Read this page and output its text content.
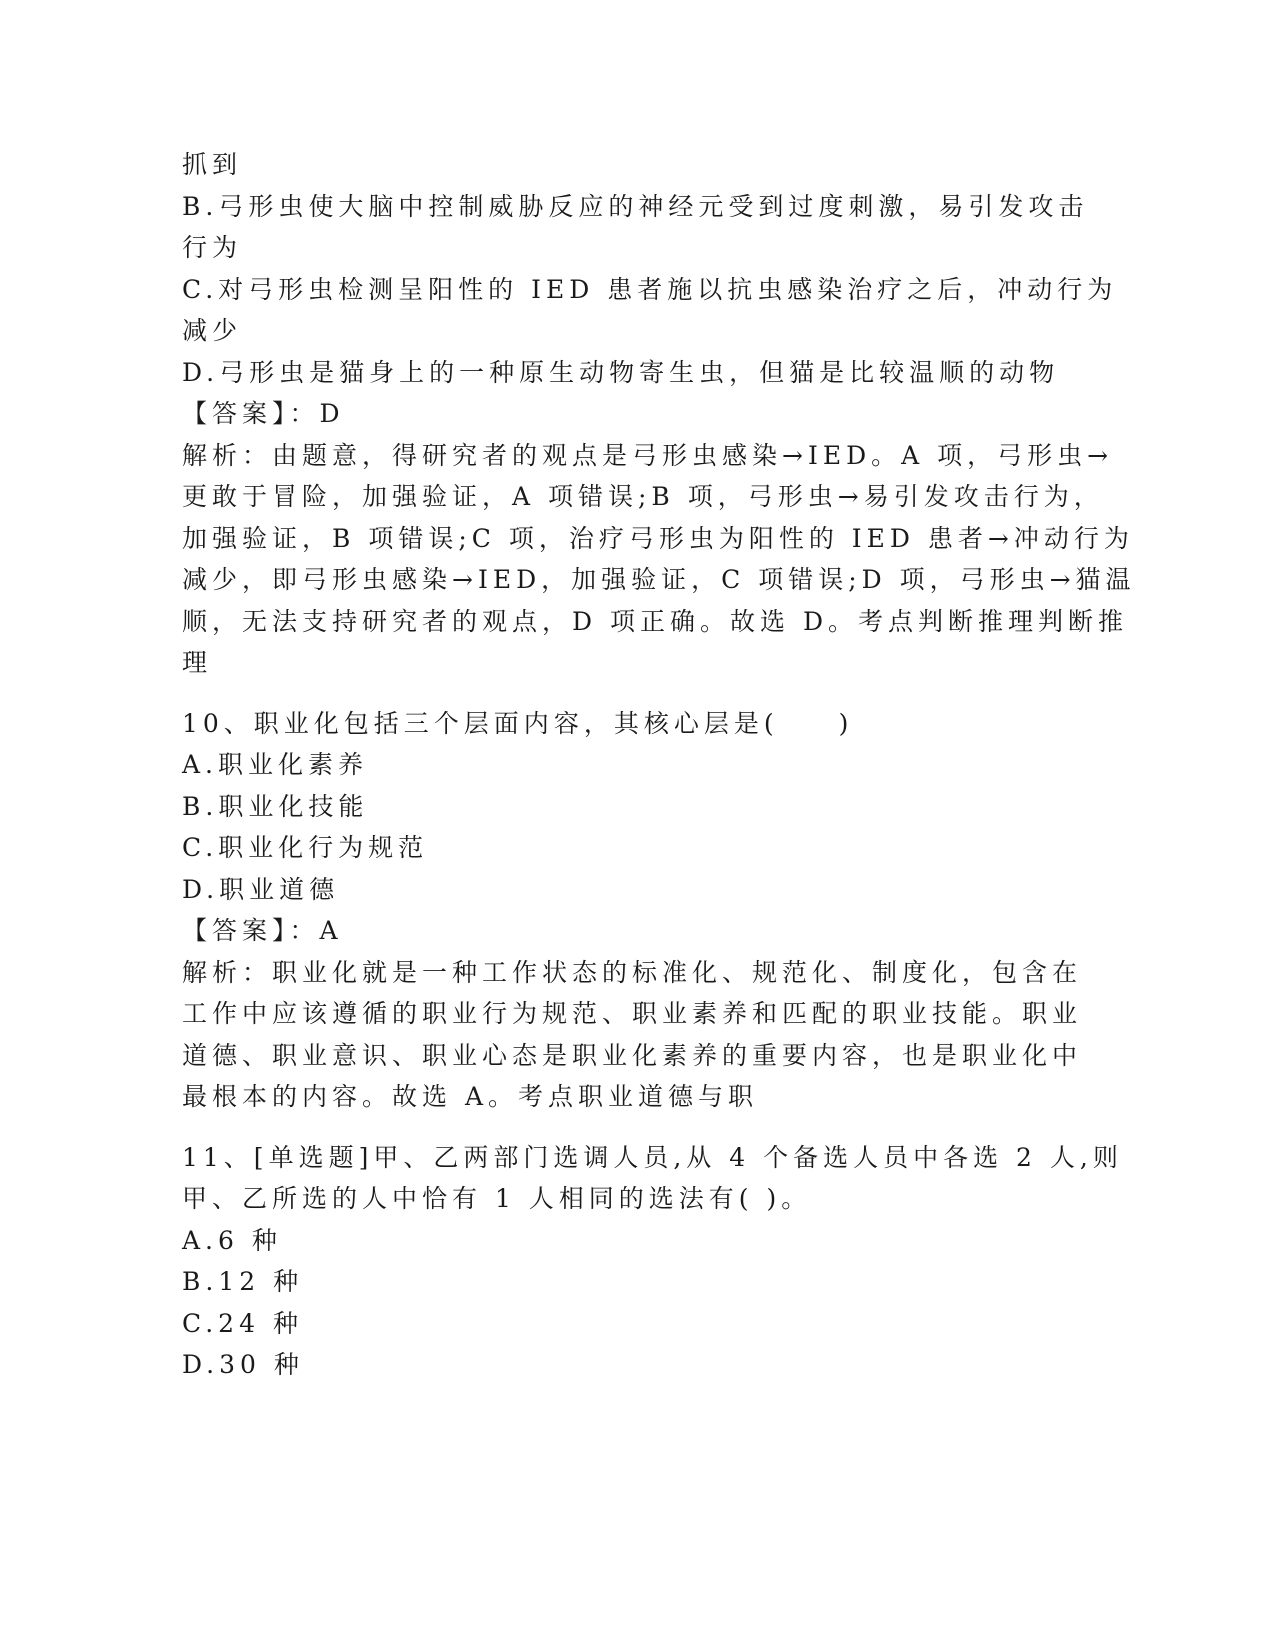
抓到

B.弓形虫使大脑中控制威胁反应的神经元受到过度刺激，易引发攻击

行为

C.对弓形虫检测呈阳性的 IED 患者施以抗虫感染治疗之后，冲动行为

减少

D.弓形虫是猫身上的一种原生动物寄生虫，但猫是比较温顺的动物

【答案】：D

解析：由题意，得研究者的观点是弓形虫感染→IED。A 项，弓形虫→

更敢于冒险，加强验证，A 项错误;B 项，弓形虫→易引发攻击行为，

加强验证，B 项错误;C 项，治疗弓形虫为阳性的 IED 患者→冲动行为

减少，即弓形虫感染→IED，加强验证，C 项错误;D 项，弓形虫→猫温

顺，无法支持研究者的观点，D 项正确。故选 D。考点判断推理判断推

理

10、职业化包括三个层面内容，其核心层是(　　)

A.职业化素养

B.职业化技能

C.职业化行为规范

D.职业道德

【答案】：A

解析：职业化就是一种工作状态的标准化、规范化、制度化，包含在

工作中应该遵循的职业行为规范、职业素养和匹配的职业技能。职业

道德、职业意识、职业心态是职业化素养的重要内容，也是职业化中

最根本的内容。故选 A。考点职业道德与职

11、[单选题]甲、乙两部门选调人员,从 4 个备选人员中各选 2 人,则

甲、乙所选的人中恰有 1 人相同的选法有( )。

A.6 种

B.12 种

C.24 种

D.30 种
